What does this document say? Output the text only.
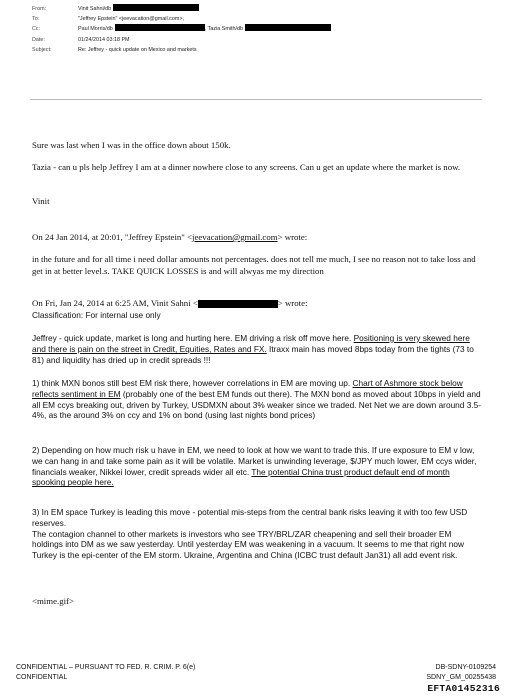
From:	Vinit Sahni/db
To:	"Jeffrey Epstein" <jeevacation@gmail.com>,
Cc:	Paul Morris/db	, Tazia Smith/db
Date:	01/24/2014 03:18 PM
Subject:	Re: Jeffrey - quick update on Mexico and markets
Sure was last when I was in the office down about 150k.
Tazia - can u pls help Jeffrey I am at a dinner nowhere close to any screens. Can u get an update where the market is now.
Vinit
On 24 Jan 2014, at 20:01, "Jeffrey Epstein" <jeevacation@gmail.com> wrote:
in the future and for all time i need dollar amounts not percentages. does not tell me much, I see no reason not to take loss and get in at better level.s. TAKE QUICK LOSSES is and will alwyas me my direction
On Fri, Jan 24, 2014 at 6:25 AM, Vinit Sahni <	> wrote:
Classification: For internal use only
Jeffrey - quick update, market is long and hurting here. EM driving a risk off move here. Positioning is very skewed here and there is pain on the street in Credit, Equities, Rates and FX. Itraxx main has moved 8bps today from the tights (73 to 81) and liquidity has dried up in credit spreads !!!
1) think MXN bonos still best EM risk there, however correlations in EM are moving up. Chart of Ashmore stock below reflects sentiment in EM (probably one of the best EM funds out there). The MXN bond as moved about 10bps in yield and all EM ccys breaking out, driven by Turkey, USDMXN about 3% weaker since we traded. Net Net we are down around 3.5-4%, as the around 3% on ccy and 1% on bond (using last nights bond prices)
2) Depending on how much risk u have in EM, we need to look at how we want to trade this. If ure exposure to EM v low, we can hang in and take some pain as it will be volatile. Market is unwinding leverage, $/JPY much lower, EM ccys wider, financials weaker, Nikkei lower, credit spreads wider all etc. The potential China trust product default end of month spooking people here.
3) In EM space Turkey is leading this move - potential mis-steps from the central bank risks leaving it with too few USD reserves.
The contagion channel to other markets is investors who see TRY/BRL/ZAR cheapening and sell their broader EM holdings into DM as we saw yesterday. Until yesterday EM was weakening in a vacuum. It seems to me that right now Turkey is the epi-center of the EM storm. Ukraine, Argentina and China (ICBC trust default Jan31) all add event risk.
<mime.gif>
CONFIDENTIAL – PURSUANT TO FED. R. CRIM. P. 6(e)
CONFIDENTIAL
DB-SDNY-0109254
SDNY_GM_00255438
EFTA01452316
